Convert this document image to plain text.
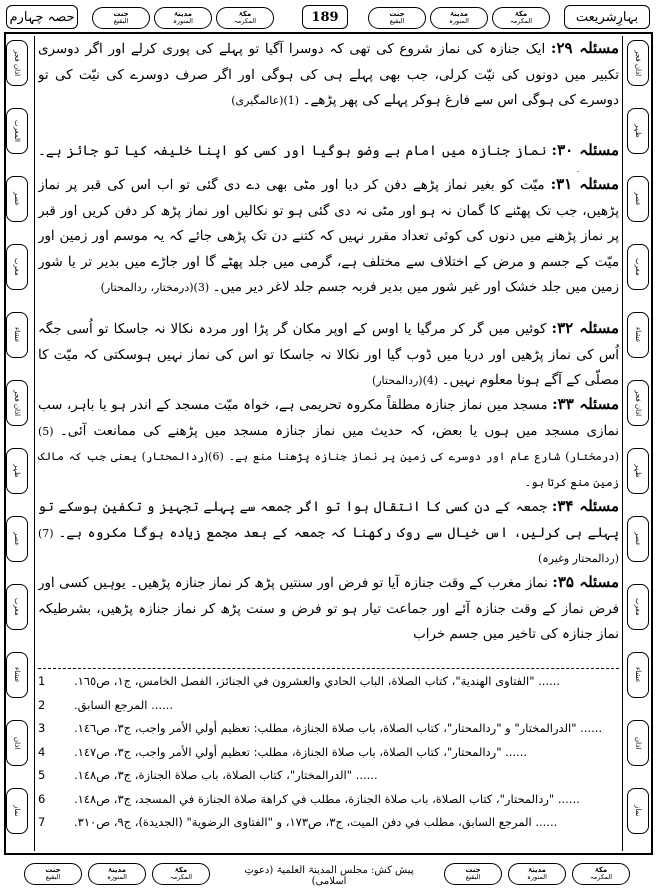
حصہ چہارم	جنت
البقیع
مدینۃ
المنورہ
مکۃ
المکرمہ	189	جنت
البقیع
مدینۃ
المنورہ
مکۃ
المکرمہ	بہارِشریعت
اذان فجر
المغرب
عصر
مغرب
عشاء
اذان فجر
ظہر
عصر
مغرب
عشاء
اذان
نماز
اذان فجر
ظہر
عصر
مغرب
عشاء
اذان فجر
ظہر
عصر
مغرب
عشاء
اذان
نماز

مسئلہ ۲۹: ایک جنازہ کی نماز شروع کی تھی کہ دوسرا آگیا تو پہلے کی پوری کرلے اور اگر دوسری تکبیر میں دونوں کی نیّت کرلی، جب بھی پہلے ہی کی ہوگی اور اگر صرف دوسرے کی نیّت کی تو دوسرے کی ہوگی اس سے فارغ ہوکر پہلے کی پھر پڑھے۔ (1)(عالمگیری)

مسئلہ ۳۰: نماز جنازہ میں امام بے وضو ہوگیا اور کسی کو اپنا خلیفہ کیا تو جائز ہے۔

مسئلہ ۳۱: میّت کو بغیر نماز پڑھے دفن کر دیا اور مٹی بھی دے دی گئی تو اب اس کی قبر پر نماز پڑھیں، جب تک پھٹنے کا گمان نہ ہو اور مٹی نہ دی گئی ہو تو نکالیں اور نماز پڑھ کر دفن کریں اور قبر پر نماز پڑھنے میں دنوں کی کوئی تعداد مقرر نہیں کہ کتنے دن تک پڑھی جائے کہ یہ موسم اور زمین اور میّت کے جسم و مرض کے اختلاف سے مختلف ہے، گرمی میں جلد پھٹے گا اور جاڑے میں بدیر تر یا شور زمین میں جلد خشک اور غیر شور میں بدیر فربہ جسم جلد لاغر دیر میں۔ (3)(درمختار، ردالمحتار)

مسئلہ ۳۲: کوئیں میں گر کر مرگیا یا اوس کے اوپر مکان گر پڑا اور مردہ نکالا نہ جاسکا تو اُسی جگہ اُس کی نماز پڑھیں اور دریا میں ڈوب گیا اور نکالا نہ جاسکا تو اس کی نماز نہیں ہوسکتی کہ میّت کا مصلّی کے آگے ہونا معلوم نہیں۔ (4)(ردالمحتار)

مسئلہ ۳۳: مسجد میں نماز جنازہ مطلقاً مکروہ تحریمی ہے، خواہ میّت مسجد کے اندر ہو یا باہر، سب نمازی مسجد میں ہوں یا بعض، کہ حدیث میں نماز جنازہ مسجد میں پڑھنے کی ممانعت آئی۔ (5)(درمختار) شارع عام اور دوسرے کی زمین پر نماز جنازہ پڑھنا منع ہے۔ (6)(ردالمحتار) یعنی جب کہ مالک زمین منع کرتا ہو۔

مسئلہ ۳۴: جمعہ کے دن کسی کا انتقال ہوا تو اگر جمعہ سے پہلے تجہیز و تکفین ہوسکے تو پہلے ہی کرلیں، اس خیال سے روک رکھنا کہ جمعہ کے بعد مجمع زیادہ ہوگا مکروہ ہے۔ (7)(ردالمحتار وغیرہ)

مسئلہ ۳۵: نماز مغرب کے وقت جنازہ آیا تو فرض اور سنتیں پڑھ کر نماز جنازہ پڑھیں۔ یوہیں کسی اور فرض نماز کے وقت جنازہ آئے اور جماعت تیار ہو تو فرض و سنت پڑھ کر نماز جنازہ پڑھیں، بشرطیکہ نماز جنازہ کی تاخیر میں جسم خراب

1 ...... "الفتاوى الهندية"، كتاب الصلاة، الباب الحادي والعشرون في الجنائز، الفصل الخامس، ج١، ص١٦٥.
2 ...... المرجع السابق.
3 ...... "الدرالمختار" و "ردالمحتار"، كتاب الصلاة، باب صلاة الجنازة، مطلب: تعظيم أولي الأمر واجب، ج٣، ص١٤٦.
4 ...... "ردالمحتار"، كتاب الصلاة، باب صلاة الجنازة، مطلب: تعظيم أولي الأمر واجب، ج٣، ص١٤٧.
5 ...... "الدرالمختار"، كتاب الصلاة، باب صلاة الجنازة، ج٣، ص١٤٨.
6 ...... "ردالمحتار"، كتاب الصلاة، باب صلاة الجنازة، مطلب في كراهة صلاة الجنازة في المسجد، ج٣، ص١٤٨.
7 ...... المرجع السابق، مطلب في دفن الميت، ج٣، ص١٧٣، و "الفتاوى الرضوية" (الجديدة)، ج٩، ص٣١٠.
جنت
البقیع
مدینۃ
المنورہ
مکۃ
المکرمہ
پیش کش: مجلس المدینۃ العلمیۃ (دعوتِ اسلامی)
جنت
البقیع
مدینۃ
المنورہ
مکۃ
المکرمہ
